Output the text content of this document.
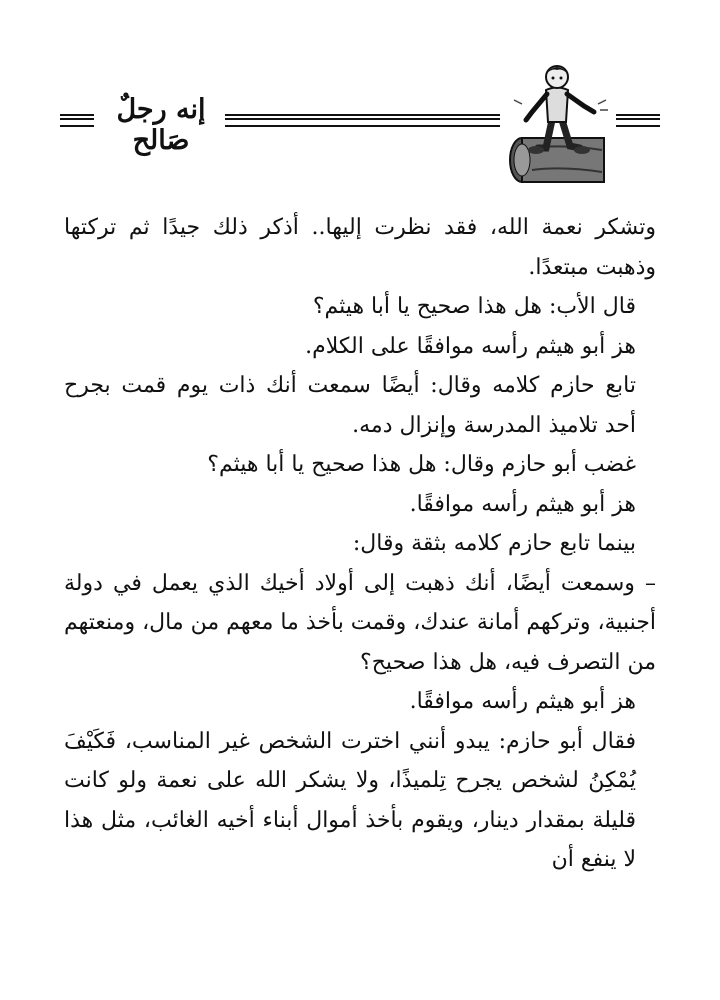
إنه رجلٌ صَالح

وتشكر نعمة الله، فقد نظرت إليها.. أذكر ذلك جيدًا ثم تركتها وذهبت مبتعدًا.

قال الأب: هل هذا صحيح يا أبا هيثم؟

هز أبو هيثم رأسه موافقًا على الكلام.

تابع حازم كلامه وقال: أيضًا سمعت أنك ذات يوم قمت بجرح أحد تلاميذ المدرسة وإنزال دمه.

غضب أبو حازم وقال: هل هذا صحيح يا أبا هيثم؟

هز أبو هيثم رأسه موافقًا.

بينما تابع حازم كلامه بثقة وقال:

– وسمعت أيضًا، أنك ذهبت إلى أولاد أخيك الذي يعمل في دولة أجنبية، وتركهم أمانة عندك، وقمت بأخذ ما معهم من مال، ومنعتهم من التصرف فيه، هل هذا صحيح؟

هز أبو هيثم رأسه موافقًا.

فقال أبو حازم: يبدو أنني اخترت الشخص غير المناسب، فَكَيْفَ يُمْكِنُ لشخص يجرح تِلميذًا، ولا يشكر الله على نعمة ولو كانت قليلة بمقدار دينار، ويقوم بأخذ أموال أبناء أخيه الغائب، مثل هذا لا ينفع أن
